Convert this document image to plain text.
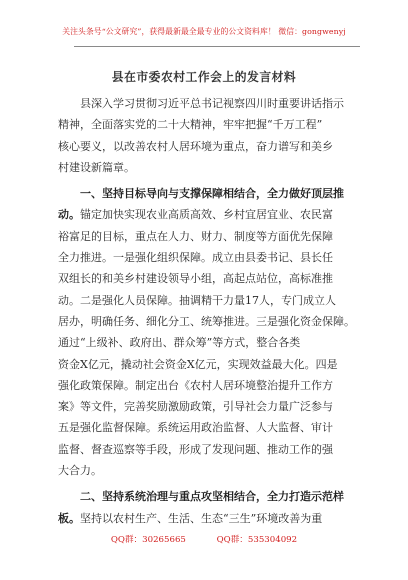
关注头条号“公文研究”，获得最新最全最专业的公文资料库！ 微信：gongwenyj
县在市委农村工作会上的发言材料

县深入学习贯彻习近平总书记视察四川时重要讲话指示
精神，全面落实党的二十大精神，牢牢把握“千万工程”
核心要义，以改善农村人居环境为重点，奋力谱写和美乡
村建设新篇章。

一、坚持目标导向与支撑保障相结合，全力做好顶层推
动。锚定加快实现农业高质高效、乡村宜居宜业、农民富
裕富足的目标，重点在人力、财力、制度等方面优先保障
全力推进。一是强化组织保障。成立由县委书记、县长任
双组长的和美乡村建设领导小组，高起点站位，高标准推
动。二是强化人员保障。抽调精干力量17人，专门成立人
居办，明确任务、细化分工、统筹推进。三是强化资金保障。
通过“上级补、政府出、群众筹”等方式，整合各类
资金X亿元，撬动社会资金X亿元，实现效益最大化。四是
强化政策保障。制定出台《农村人居环境整治提升工作方
案》等文件，完善奖励激励政策，引导社会力量广泛参与
五是强化监督保障。系统运用政治监督、人大监督、审计
监督、督查巡察等手段，形成了发现问题、推动工作的强
大合力。

二、坚持系统治理与重点攻坚相结合，全力打造示范样
板。坚持以农村生产、生活、生态“三生”环境改善为重

QQ群：30265665	QQ群：535304092
